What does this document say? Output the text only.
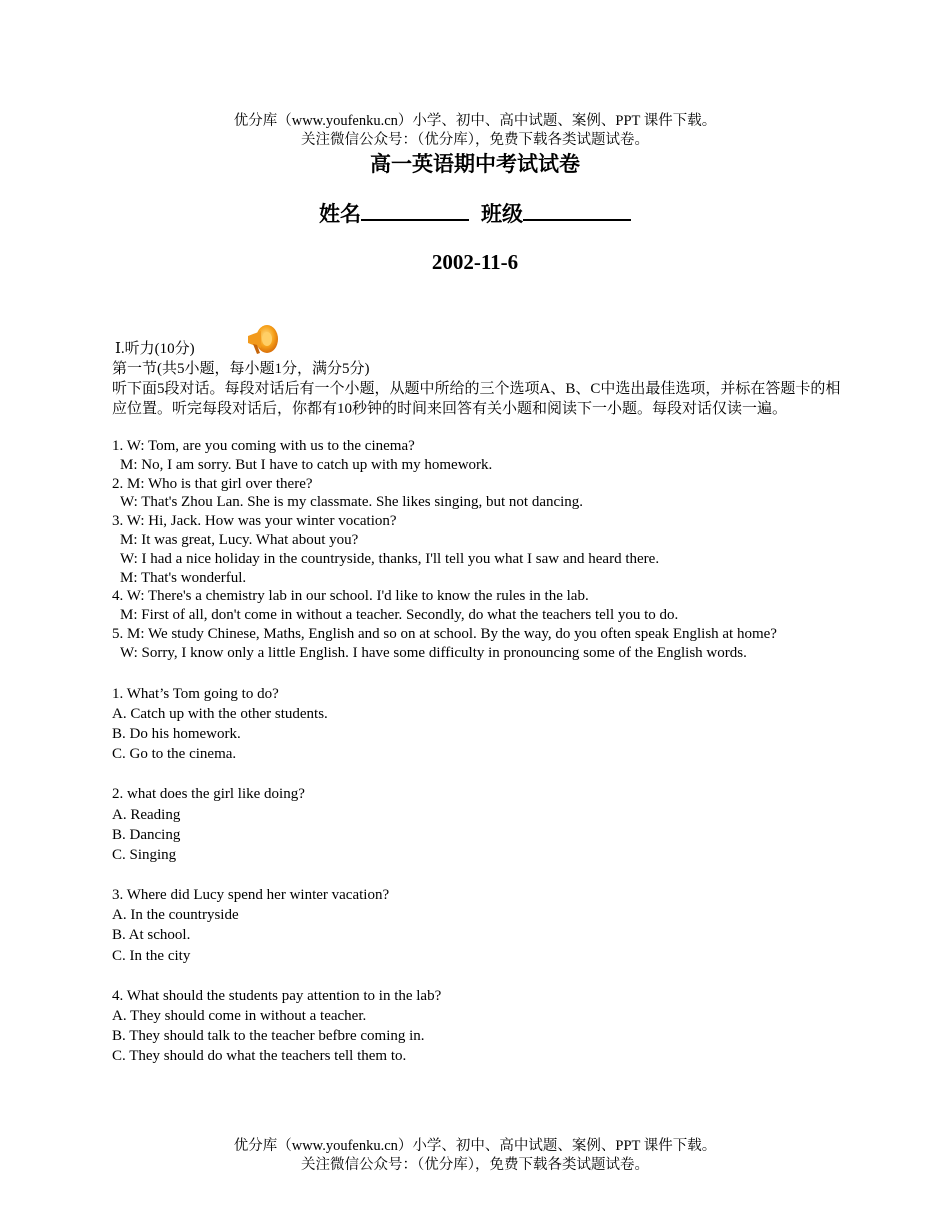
优分库（www.youfenku.cn）小学、初中、高中试题、案例、PPT 课件下载。
关注微信公众号：（优分库），免费下载各类试题试卷。
高一英语期中考试试卷
姓名	班级
2002-11-6
Ⅰ.听力(10分)
第一节(共5小题，每小题1分，满分5分)
听下面5段对话。每段对话后有一个小题，从题中所给的三个选项A、B、C中选出最佳选项，并标在答题卡的相应位置。听完每段对话后，你都有10秒钟的时间来回答有关小题和阅读下一小题。每段对话仅读一遍。
1. W: Tom, are you coming with us to the cinema?
M: No, I am sorry. But I have to catch up with my homework.
2. M: Who is that girl over there?
W: That's Zhou Lan. She is my classmate. She likes singing, but not dancing.
3. W: Hi, Jack. How was your winter vocation?
M: It was great, Lucy. What about you?
W: I had a nice holiday in the countryside, thanks, I'll tell you what I saw and heard there.
M: That's wonderful.
4. W: There's a chemistry lab in our school. I'd like to know the rules in the lab.
M: First of all, don't come in without a teacher. Secondly, do what the teachers tell you to do.
5. M: We study Chinese, Maths, English and so on at school. By the way, do you often speak English at home?
W: Sorry, I know only a little English. I have some difficulty in pronouncing some of the English words.
1. What’s Tom going to do?
A. Catch up with the other students.
B. Do his homework.
C. Go to the cinema.
2. what does the girl like doing?
A. Reading
B. Dancing
C. Singing
3. Where did Lucy spend her winter vacation?
A. In the countryside
B. At school.
C. In the city
4. What should the students pay attention to in the lab?
A. They should come in without a teacher.
B. They should talk to the teacher befbre coming in.
C. They should do what the teachers tell them to.
优分库（www.youfenku.cn）小学、初中、高中试题、案例、PPT 课件下载。
关注微信公众号：（优分库），免费下载各类试题试卷。
